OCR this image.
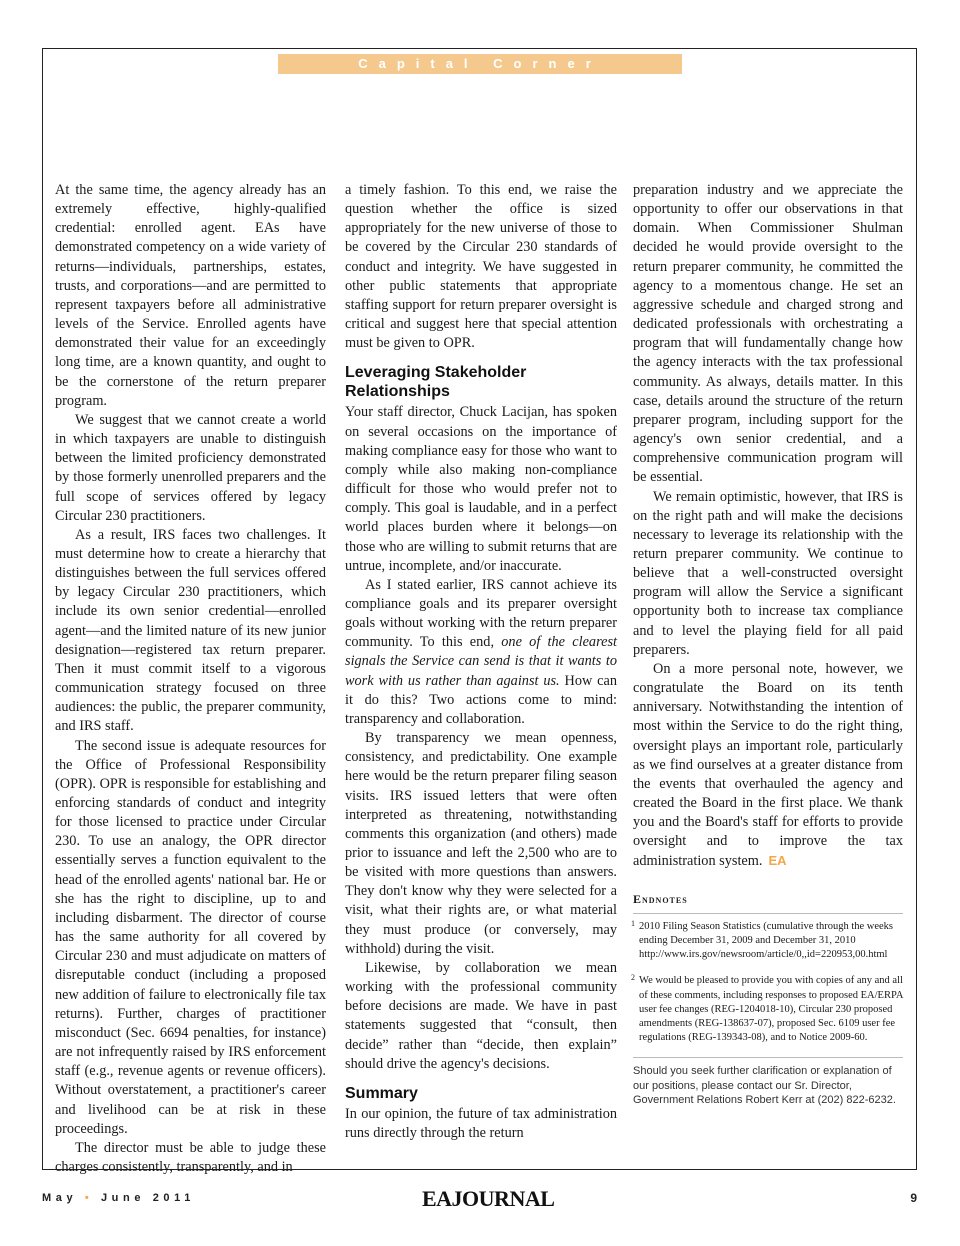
Capital Corner

At the same time, the agency already has an extremely effective, highly-qualified credential: enrolled agent. EAs have demonstrated competency on a wide variety of returns—individuals, partnerships, estates, trusts, and corporations—and are permitted to represent taxpayers before all administrative levels of the Service. Enrolled agents have demonstrated their value for an exceedingly long time, are a known quantity, and ought to be the cornerstone of the return preparer program.

We suggest that we cannot create a world in which taxpayers are unable to distinguish between the limited proficiency demonstrated by those formerly unenrolled preparers and the full scope of services offered by legacy Circular 230 practitioners.

As a result, IRS faces two challenges. It must determine how to create a hierarchy that distinguishes between the full services offered by legacy Circular 230 practitioners, which include its own senior credential—enrolled agent—and the limited nature of its new junior designation—registered tax return preparer. Then it must commit itself to a vigorous communication strategy focused on three audiences: the public, the preparer community, and IRS staff.

The second issue is adequate resources for the Office of Professional Responsibility (OPR). OPR is responsible for establishing and enforcing standards of conduct and integrity for those licensed to practice under Circular 230. To use an analogy, the OPR director essentially serves a function equivalent to the head of the enrolled agents' national bar. He or she has the right to discipline, up to and including disbarment. The director of course has the same authority for all covered by Circular 230 and must adjudicate on matters of disreputable conduct (including a proposed new addition of failure to electronically file tax returns). Further, charges of practitioner misconduct (Sec. 6694 penalties, for instance) are not infrequently raised by IRS enforcement staff (e.g., revenue agents or revenue officers). Without overstatement, a practitioner's career and livelihood can be at risk in these proceedings.

The director must be able to judge these charges consistently, transparently, and in

a timely fashion. To this end, we raise the question whether the office is sized appropriately for the new universe of those to be covered by the Circular 230 standards of conduct and integrity. We have suggested in other public statements that appropriate staffing support for return preparer oversight is critical and suggest here that special attention must be given to OPR.

Leveraging Stakeholder Relationships

Your staff director, Chuck Lacijan, has spoken on several occasions on the importance of making compliance easy for those who want to comply while also making non-compliance difficult for those who would prefer not to comply. This goal is laudable, and in a perfect world places burden where it belongs—on those who are willing to submit returns that are untrue, incomplete, and/or inaccurate.

As I stated earlier, IRS cannot achieve its compliance goals and its preparer oversight goals without working with the return preparer community. To this end, one of the clearest signals the Service can send is that it wants to work with us rather than against us. How can it do this? Two actions come to mind: transparency and collaboration.

By transparency we mean openness, consistency, and predictability. One example here would be the return preparer filing season visits. IRS issued letters that were often interpreted as threatening, notwithstanding comments this organization (and others) made prior to issuance and left the 2,500 who are to be visited with more questions than answers. They don't know why they were selected for a visit, what their rights are, or what material they must produce (or conversely, may withhold) during the visit.

Likewise, by collaboration we mean working with the professional community before decisions are made. We have in past statements suggested that “consult, then decide” rather than “decide, then explain” should drive the agency's decisions.

Summary

In our opinion, the future of tax administration runs directly through the return

preparation industry and we appreciate the opportunity to offer our observations in that domain. When Commissioner Shulman decided he would provide oversight to the return preparer community, he committed the agency to a momentous change. He set an aggressive schedule and charged strong and dedicated professionals with orchestrating a program that will fundamentally change how the agency interacts with the tax professional community. As always, details matter. In this case, details around the structure of the return preparer program, including support for the agency's own senior credential, and a comprehensive communication program will be essential.

We remain optimistic, however, that IRS is on the right path and will make the decisions necessary to leverage its relationship with the return preparer community. We continue to believe that a well-constructed oversight program will allow the Service a significant opportunity both to increase tax compliance and to level the playing field for all paid preparers.

On a more personal note, however, we congratulate the Board on its tenth anniversary. Notwithstanding the intention of most within the Service to do the right thing, oversight plays an important role, particularly as we find ourselves at a greater distance from the events that overhauled the agency and created the Board in the first place. We thank you and the Board's staff for efforts to provide oversight and to improve the tax administration system. EA

Endnotes
1 2010 Filing Season Statistics (cumulative through the weeks ending December 31, 2009 and December 31, 2010 http://www.irs.gov/newsroom/article/0,,id=220953,00.html
2 We would be pleased to provide you with copies of any and all of these comments, including responses to proposed EA/ERPA user fee changes (REG-1204018-10), Circular 230 proposed amendments (REG-138637-07), proposed Sec. 6109 user fee regulations (REG-139343-08), and to Notice 2009-60.
Should you seek further clarification or explanation of our positions, please contact our Sr. Director, Government Relations Robert Kerr at (202) 822-6232.
May • June 2011	EAJOURNAL	9
